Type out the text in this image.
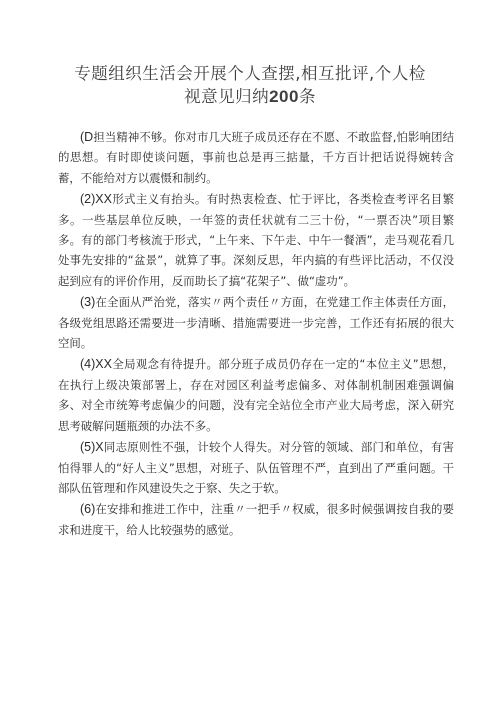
专题组织生活会开展个人查摆,相互批评,个人检
视意见归纳200条

(D担当精神不够。你对市几大班子成员还存在不愿、不敢监督,怕影响团结的思想。有时即使谈问题，事前也总是再三掂量，千方百计把话说得婉转含蓄，不能给对方以震慑和制约。

(2)XX形式主义有抬头。有时热衷检查、忙于评比，各类检查考评名目繁多。一些基层单位反映，一年签的责任状就有二三十份，“一票否决”项目繁多。有的部门考核流于形式，“上午来、下午走、中午一餐酒”，走马观花看几处事先安排的“盆景”，就算了事。深刻反思，年内搞的有些评比活动，不仅没起到应有的评价作用，反而助长了搞“花架子”、做“虚功”。

(3)在全面从严治党，落实〃两个责任〃方面，在党建工作主体责任方面，各级党组思路还需要进一步清晰、措施需要进一步完善，工作还有拓展的很大空间。

(4)XX全局观念有待提升。部分班子成员仍存在一定的“本位主义”思想，在执行上级决策部署上，存在对园区利益考虑偏多、对体制机制困难强调偏多、对全市统筹考虑偏少的问题，没有完全站位全市产业大局考虑，深入研究思考破解问题瓶颈的办法不多。

(5)X同志原则性不强，计较个人得失。对分管的领域、部门和单位，有害怕得罪人的“好人主义”思想，对班子、队伍管理不严，直到出了严重问题。干部队伍管理和作风建设失之于察、失之于软。

(6)在安排和推进工作中，注重〃一把手〃权威，很多时候强调按自我的要求和进度干，给人比较强势的感觉。
